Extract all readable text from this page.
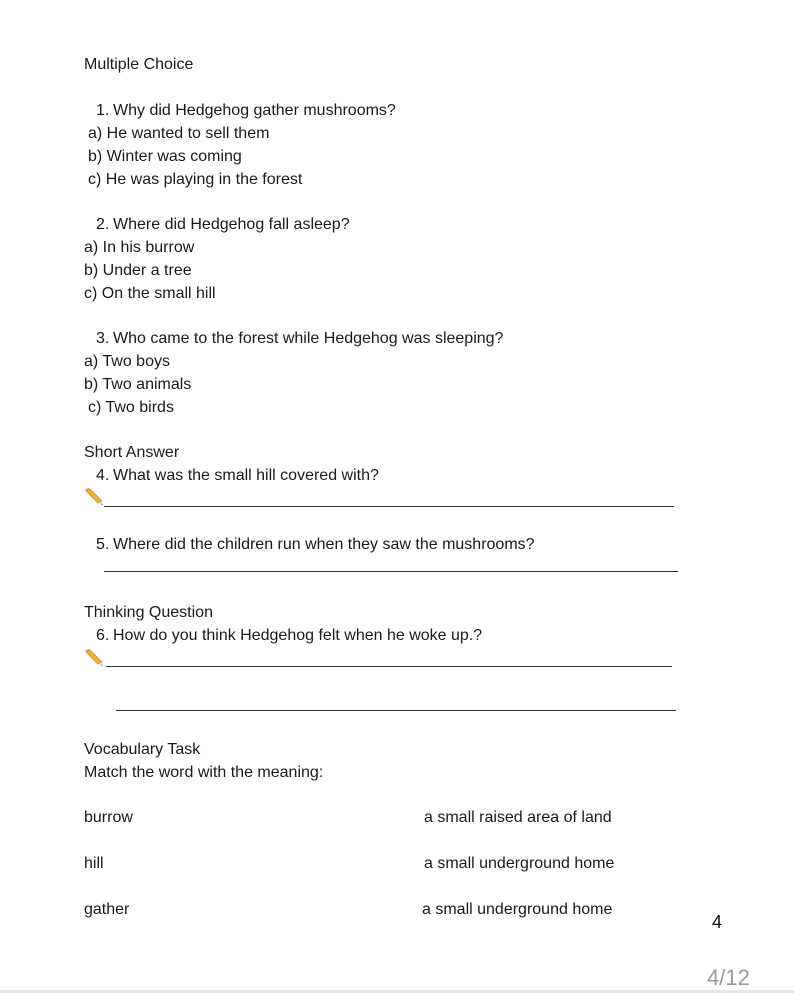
Multiple Choice
1. Why did Hedgehog gather mushrooms?
a) He wanted to sell them
b) Winter was coming
c) He was playing in the forest
2. Where did Hedgehog fall asleep?
a) In his burrow
b) Under a tree
c) On the small hill
3. Who came to the forest while Hedgehog was sleeping?
a) Two boys
b) Two animals
c) Two birds
Short Answer
4. What was the small hill covered with?
5. Where did the children run when they saw the mushrooms?
Thinking Question
6. How do you think Hedgehog felt when he woke up.?
Vocabulary Task
Match the word with the meaning:
burrow	a small raised area of land
hill	a small underground home
gather	a small underground home
4
4/12
